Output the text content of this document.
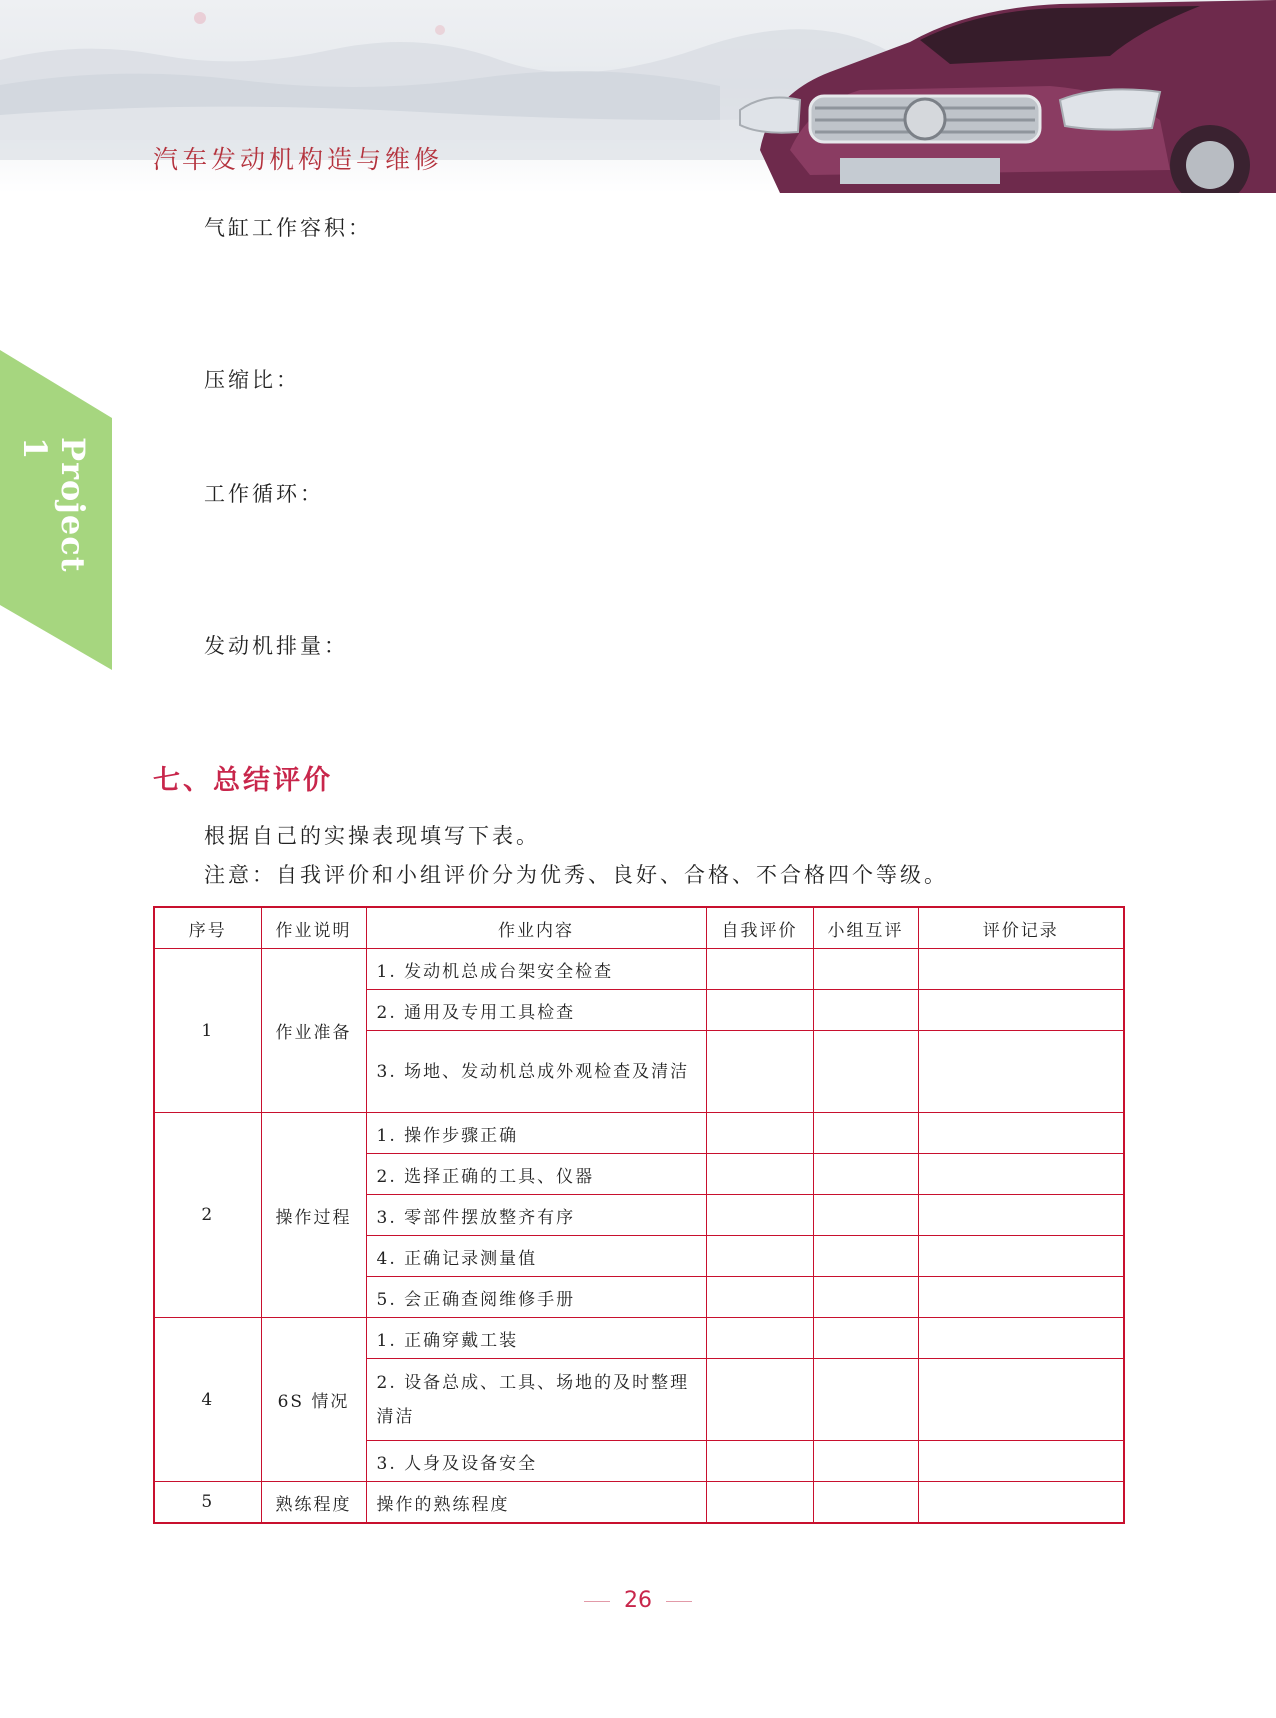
汽车发动机构造与维修
Project 1
气缸工作容积：
压缩比：
工作循环：
发动机排量：
七、总结评价
根据自己的实操表现填写下表。
注意：自我评价和小组评价分为优秀、良好、合格、不合格四个等级。
序号	作业说明	作业内容	自我评价	小组互评	评价记录
1	作业准备	1. 发动机总成台架安全检查			
		2. 通用及专用工具检查			
		3. 场地、发动机总成外观检查及清洁			
2	操作过程	1. 操作步骤正确			
		2. 选择正确的工具、仪器			
		3. 零部件摆放整齐有序			
		4. 正确记录测量值			
		5. 会正确查阅维修手册			
4	6S 情况	1. 正确穿戴工装			
		2. 设备总成、工具、场地的及时整理清洁			
		3. 人身及设备安全			
5	熟练程度	操作的熟练程度			
26
